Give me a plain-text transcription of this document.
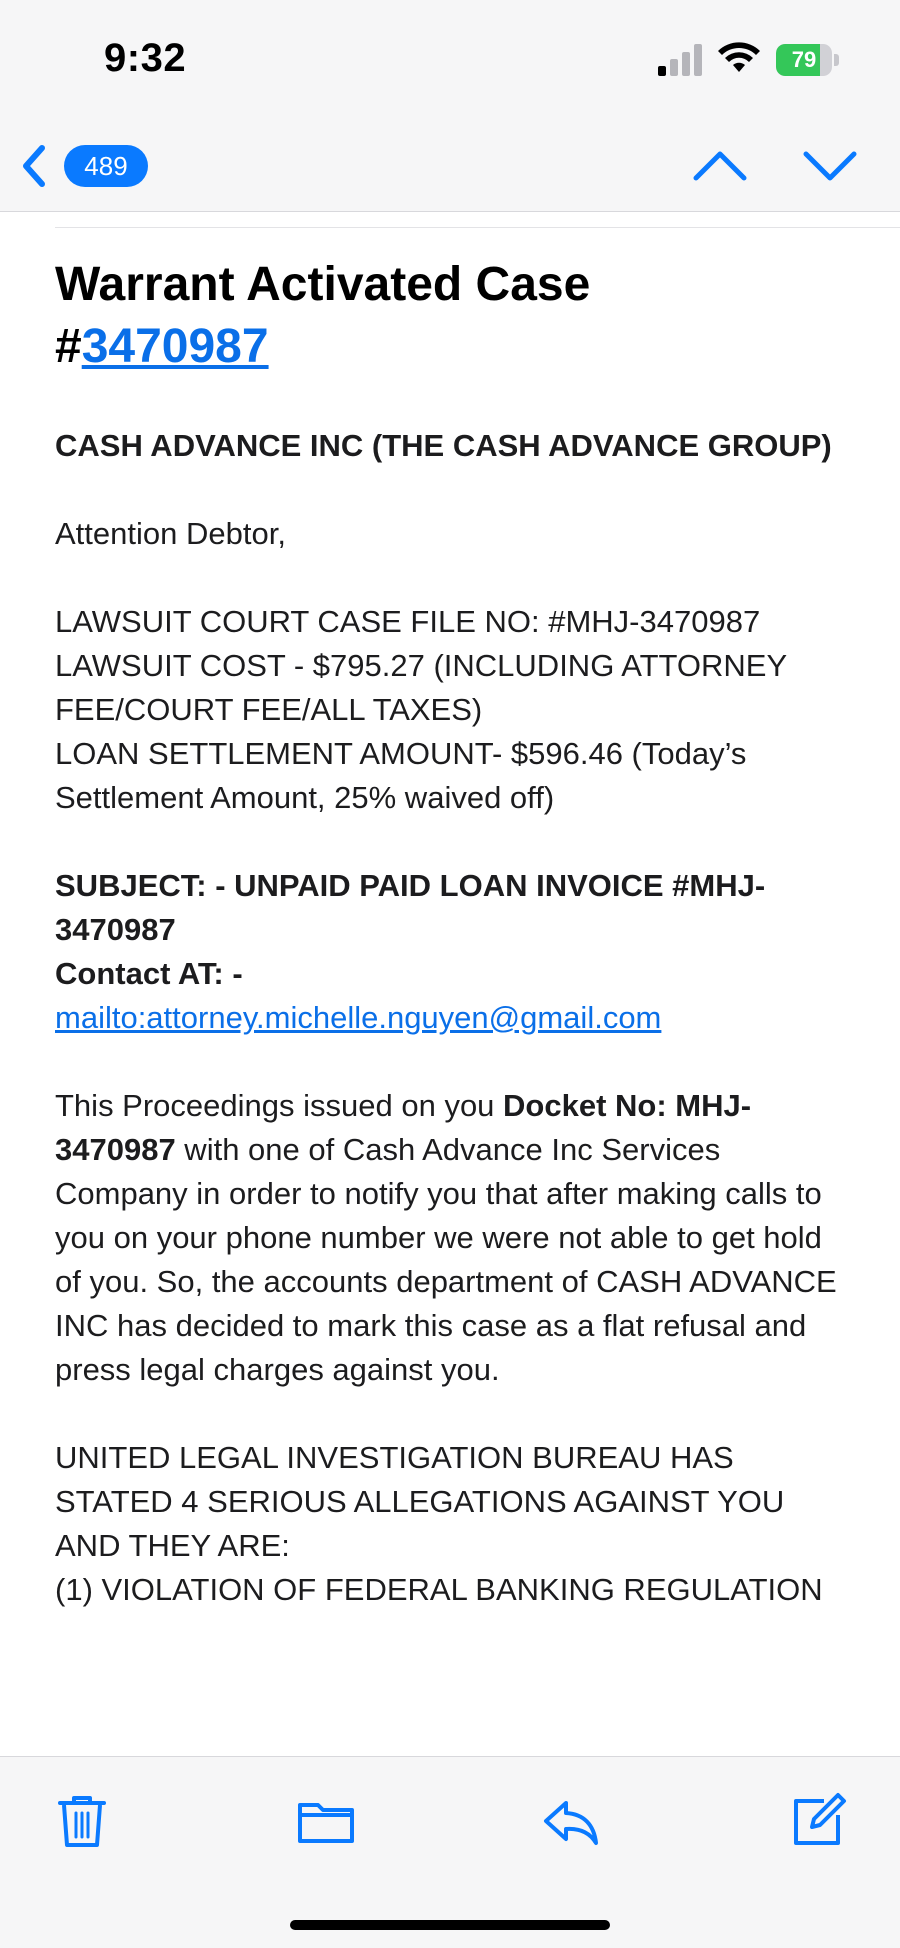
9:32	79
489
Warrant Activated Case
#3470987
CASH ADVANCE INC (THE CASH ADVANCE GROUP)
Attention Debtor,
LAWSUIT COURT CASE FILE NO: #MHJ-3470987
LAWSUIT COST - $795.27 (INCLUDING ATTORNEY FEE/COURT FEE/ALL TAXES)
LOAN SETTLEMENT AMOUNT- $596.46 (Today’s Settlement Amount, 25% waived off)
SUBJECT: - UNPAID PAID LOAN INVOICE #MHJ-3470987
Contact AT: -
mailto:attorney.michelle.nguyen@gmail.com
This Proceedings issued on you Docket No: MHJ-3470987 with one of Cash Advance Inc Services Company in order to notify you that after making calls to you on your phone number we were not able to get hold of you. So, the accounts department of CASH ADVANCE INC has decided to mark this case as a flat refusal and press legal charges against you.
UNITED LEGAL INVESTIGATION BUREAU HAS STATED 4 SERIOUS ALLEGATIONS AGAINST YOU AND THEY ARE:
(1) VIOLATION OF FEDERAL BANKING REGULATION
